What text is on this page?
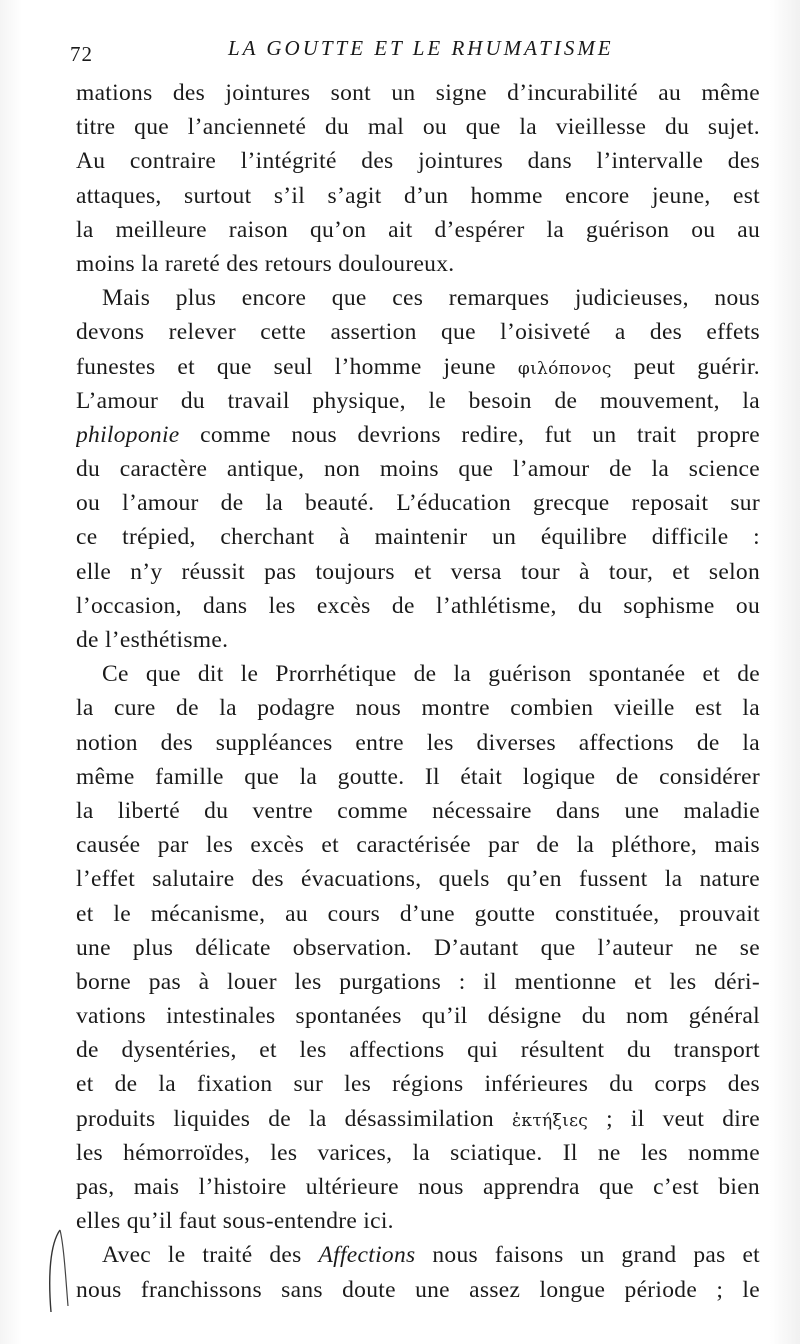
72	LA GOUTTE ET LE RHUMATISME
mations des jointures sont un signe d’incurabilité au même
titre que l’ancienneté du mal ou que la vieillesse du sujet.
Au contraire l’intégrité des jointures dans l’intervalle des
attaques, surtout s’il s’agit d’un homme encore jeune, est
la meilleure raison qu’on ait d’espérer la guérison ou au
moins la rareté des retours douloureux.
Mais plus encore que ces remarques judicieuses, nous
devons relever cette assertion que l’oisiveté a des effets
funestes et que seul l’homme jeune φιλόπονος peut guérir.
L’amour du travail physique, le besoin de mouvement, la
philoponie comme nous devrions redire, fut un trait propre
du caractère antique, non moins que l’amour de la science
ou l’amour de la beauté. L’éducation grecque reposait sur
ce trépied, cherchant à maintenir un équilibre difficile :
elle n’y réussit pas toujours et versa tour à tour, et selon
l’occasion, dans les excès de l’athlétisme, du sophisme ou
de l’esthétisme.
Ce que dit le Prorrhétique de la guérison spontanée et de
la cure de la podagre nous montre combien vieille est la
notion des suppléances entre les diverses affections de la
même famille que la goutte. Il était logique de considérer
la liberté du ventre comme nécessaire dans une maladie
causée par les excès et caractérisée par de la pléthore, mais
l’effet salutaire des évacuations, quels qu’en fussent la nature
et le mécanisme, au cours d’une goutte constituée, prouvait
une plus délicate observation. D’autant que l’auteur ne se
borne pas à louer les purgations : il mentionne et les déri-
vations intestinales spontanées qu’il désigne du nom général
de dysentéries, et les affections qui résultent du transport
et de la fixation sur les régions inférieures du corps des
produits liquides de la désassimilation ἐκτήξιες ; il veut dire
les hémorroïdes, les varices, la sciatique. Il ne les nomme
pas, mais l’histoire ultérieure nous apprendra que c’est bien
elles qu’il faut sous-entendre ici.
Avec le traité des Affections nous faisons un grand pas et
nous franchissons sans doute une assez longue période ; le
